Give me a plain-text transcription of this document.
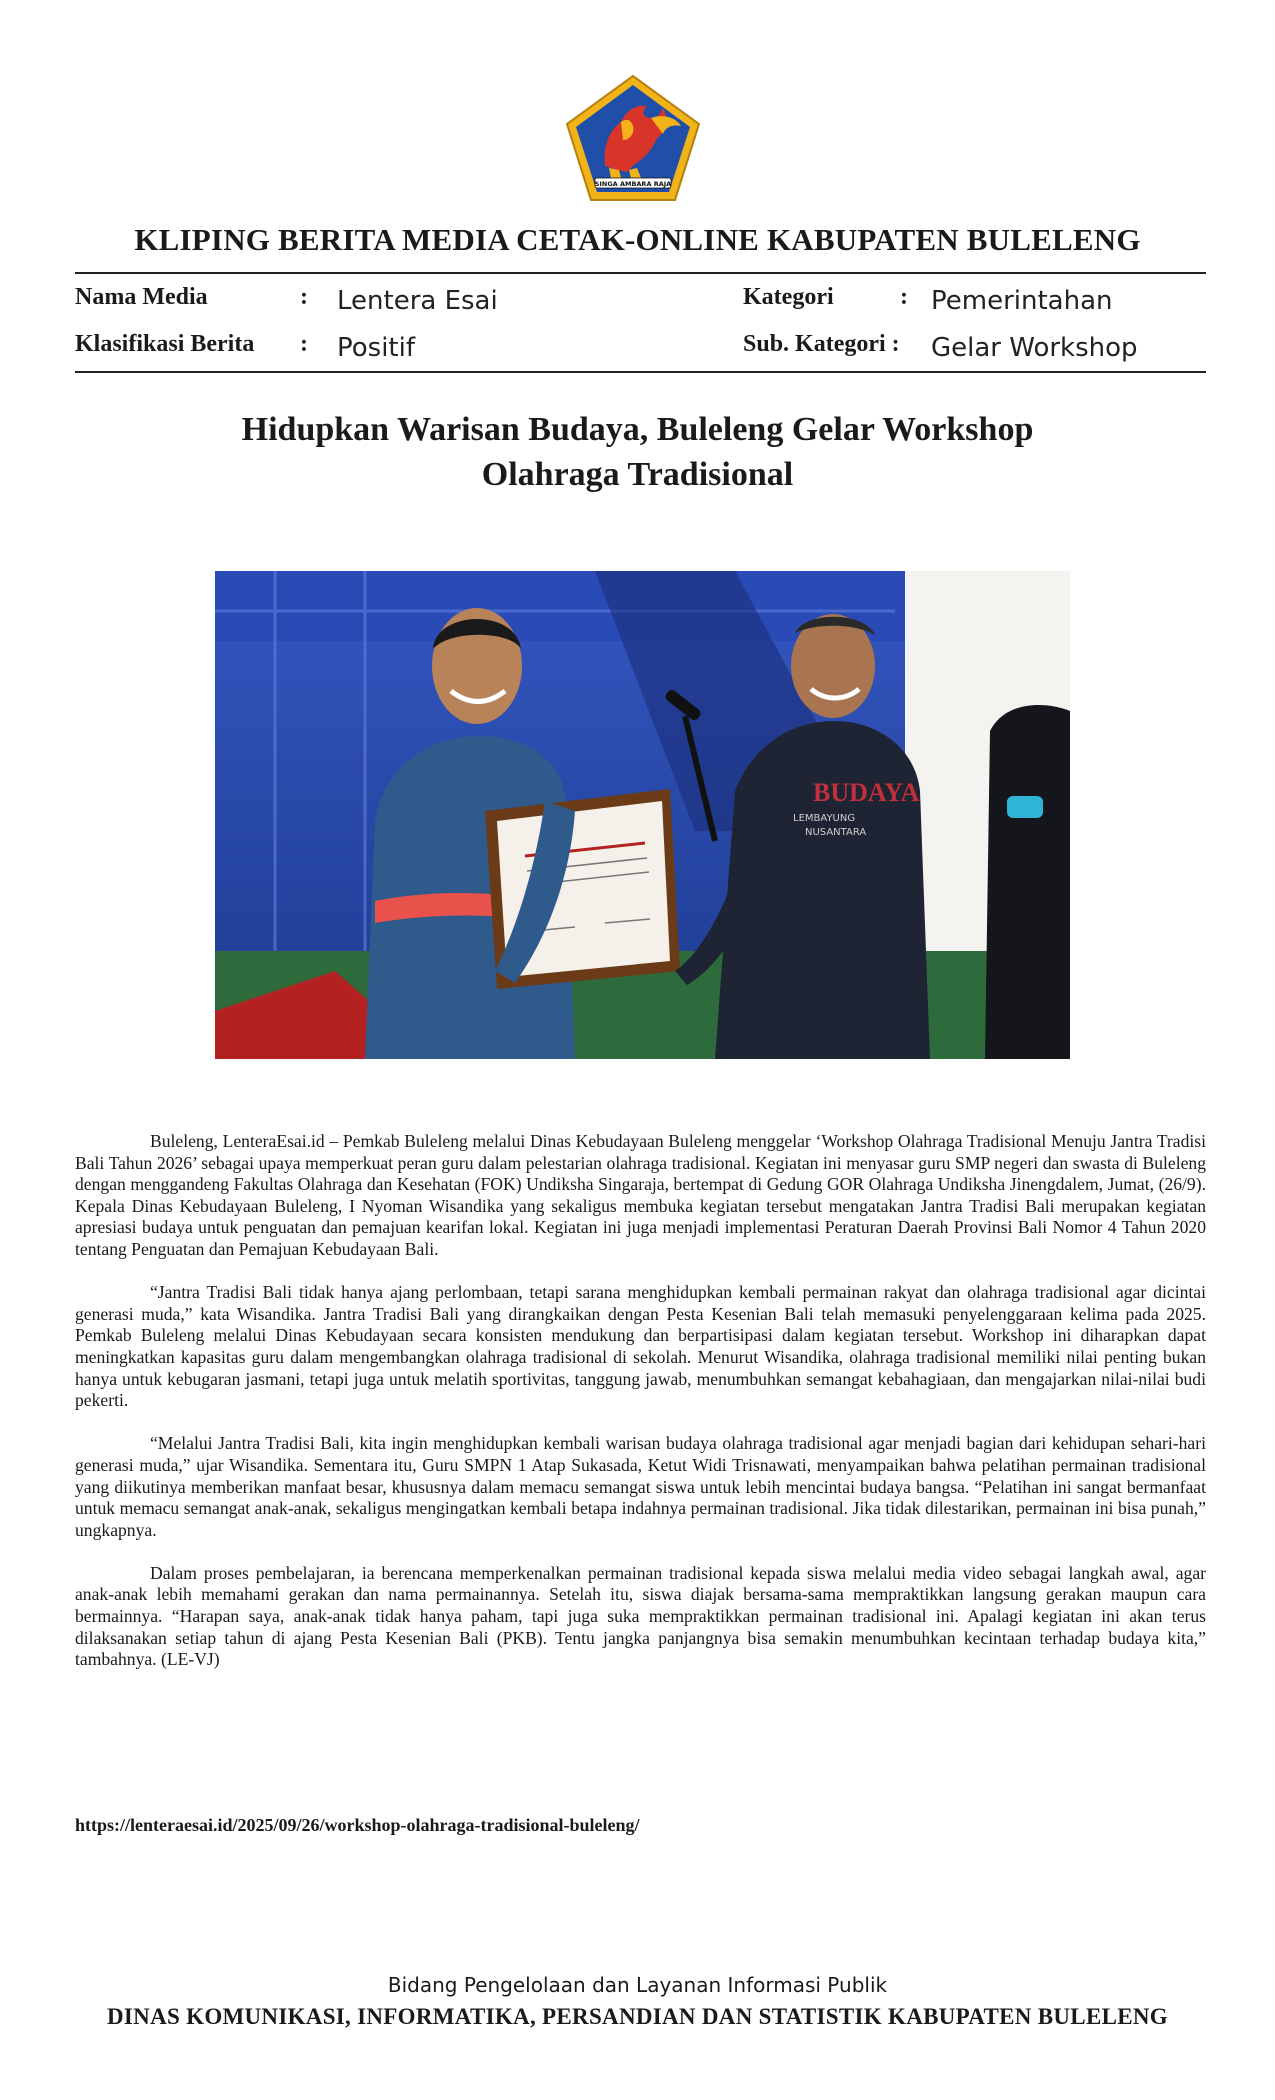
SINGA AMBARA RAJA
KLIPING BERITA MEDIA CETAK-ONLINE KABUPATEN BULELENG
Nama Media	: Lentera Esai	Kategori	: Pemerintahan
Klasifikasi Berita : Positif	Sub. Kategori : Gelar Workshop
Hidupkan Warisan Budaya, Buleleng Gelar Workshop
Olahraga Tradisional
BUDAYA
LEMBAYUNG
NUSANTARA

Buleleng, LenteraEsai.id – Pemkab Buleleng melalui Dinas Kebudayaan Buleleng menggelar ‘Workshop Olahraga Tradisional Menuju Jantra Tradisi Bali Tahun 2026’ sebagai upaya memperkuat peran guru dalam pelestarian olahraga tradisional. Kegiatan ini menyasar guru SMP negeri dan swasta di Buleleng dengan menggandeng Fakultas Olahraga dan Kesehatan (FOK) Undiksha Singaraja, bertempat di Gedung GOR Olahraga Undiksha Jinengdalem, Jumat, (26/9). Kepala Dinas Kebudayaan Buleleng, I Nyoman Wisandika yang sekaligus membuka kegiatan tersebut mengatakan Jantra Tradisi Bali merupakan kegiatan apresiasi budaya untuk penguatan dan pemajuan kearifan lokal. Kegiatan ini juga menjadi implementasi Peraturan Daerah Provinsi Bali Nomor 4 Tahun 2020 tentang Penguatan dan Pemajuan Kebudayaan Bali.

“Jantra Tradisi Bali tidak hanya ajang perlombaan, tetapi sarana menghidupkan kembali permainan rakyat dan olahraga tradisional agar dicintai generasi muda,” kata Wisandika. Jantra Tradisi Bali yang dirangkaikan dengan Pesta Kesenian Bali telah memasuki penyelenggaraan kelima pada 2025. Pemkab Buleleng melalui Dinas Kebudayaan secara konsisten mendukung dan berpartisipasi dalam kegiatan tersebut. Workshop ini diharapkan dapat meningkatkan kapasitas guru dalam mengembangkan olahraga tradisional di sekolah. Menurut Wisandika, olahraga tradisional memiliki nilai penting bukan hanya untuk kebugaran jasmani, tetapi juga untuk melatih sportivitas, tanggung jawab, menumbuhkan semangat kebahagiaan, dan mengajarkan nilai-nilai budi pekerti.

“Melalui Jantra Tradisi Bali, kita ingin menghidupkan kembali warisan budaya olahraga tradisional agar menjadi bagian dari kehidupan sehari-hari generasi muda,” ujar Wisandika. Sementara itu, Guru SMPN 1 Atap Sukasada, Ketut Widi Trisnawati, menyampaikan bahwa pelatihan permainan tradisional yang diikutinya memberikan manfaat besar, khususnya dalam memacu semangat siswa untuk lebih mencintai budaya bangsa. “Pelatihan ini sangat bermanfaat untuk memacu semangat anak-anak, sekaligus mengingatkan kembali betapa indahnya permainan tradisional. Jika tidak dilestarikan, permainan ini bisa punah,” ungkapnya.

Dalam proses pembelajaran, ia berencana memperkenalkan permainan tradisional kepada siswa melalui media video sebagai langkah awal, agar anak-anak lebih memahami gerakan dan nama permainannya. Setelah itu, siswa diajak bersama-sama mempraktikkan langsung gerakan maupun cara bermainnya. “Harapan saya, anak-anak tidak hanya paham, tapi juga suka mempraktikkan permainan tradisional ini. Apalagi kegiatan ini akan terus dilaksanakan setiap tahun di ajang Pesta Kesenian Bali (PKB). Tentu jangka panjangnya bisa semakin menumbuhkan kecintaan terhadap budaya kita,” tambahnya. (LE-VJ)

https://lenteraesai.id/2025/09/26/workshop-olahraga-tradisional-buleleng/
Bidang Pengelolaan dan Layanan Informasi Publik
DINAS KOMUNIKASI, INFORMATIKA, PERSANDIAN DAN STATISTIK KABUPATEN BULELENG
